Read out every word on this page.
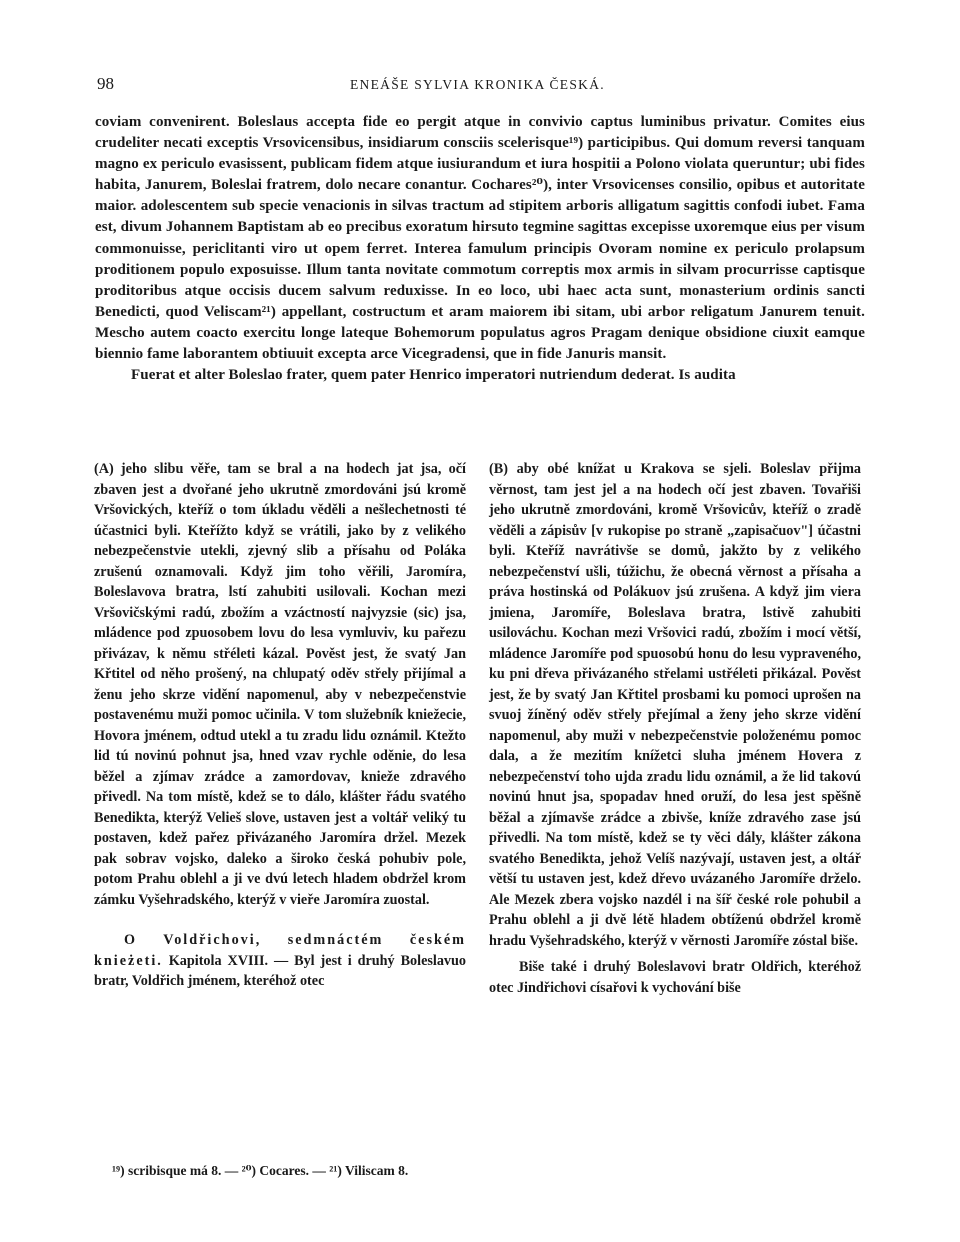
98	ENEÁŠE SYLVIA KRONIKA ČESKÁ.

coviam convenirent. Boleslaus accepta fide eo pergit atque in convivio captus luminibus privatur. Comites eius crudeliter necati exceptis Vrsovicensibus, insidiarum consciis scelerisque¹⁹) participibus. Qui domum reversi tanquam magno ex periculo evasissent, publicam fidem atque iusiurandum et iura hospitii a Polono violata queruntur; ubi fides habita, Janurem, Boleslai fratrem, dolo necare conantur. Cochares²⁰), inter Vrsovicenses consilio, opibus et autoritate maior. adolescentem sub specie venacionis in silvas tractum ad stipitem arboris alligatum sagittis confodi iubet. Fama est, divum Johannem Baptistam ab eo precibus exoratum hirsuto tegmine sagittas excepisse uxoremque eius per visum commonuisse, periclitanti viro ut opem ferret. Interea famulum principis Ovoram nomine ex periculo prolapsum proditionem populo exposuisse. Illum tanta novitate commotum correptis mox armis in silvam procurrisse captisque proditoribus atque occisis ducem salvum reduxisse. In eo loco, ubi haec acta sunt, monasterium ordinis sancti Benedicti, quod Veliscam²¹) appellant, costructum et aram maiorem ibi sitam, ubi arbor religatum Janurem tenuit. Mescho autem coacto exercitu longe lateque Bohemorum populatus agros Pragam denique obsidione ciuxit eamque biennio fame laborantem obtiuuit excepta arce Vicegradensi, que in fide Januris mansit.

Fuerat et alter Boleslao frater, quem pater Henrico imperatori nutriendum dederat. Is audita

(A) jeho slibu věře, tam se bral a na hodech jat jsa, očí zbaven jest a dvořané jeho ukrutně zmordováni jsú kromě Vršovických, kteříž o tom úkladu věděli a nešlechetnosti té účastnici byli. Kteřížto když se vrátili, jako by z velikého nebezpečenstvie utekli, zjevný slib a přísahu od Poláka zrušenú oznamovali. Když jim toho věřili, Jaromíra, Boleslavova bratra, lstí zahubiti usilovali. Kochan mezi Vršovičskými radú, zbožím a vzáctností najvyzsie (sic) jsa, mládence pod zpuosobem lovu do lesa vymluviv, ku pařezu přivázav, k němu střéleti kázal. Pověst jest, že svatý Jan Křtitel od něho prošený, na chlupatý oděv střely přijímal a ženu jeho skrze vidění napomenul, aby v nebezpečenstvie postavenému muži pomoc učinila. V tom služebník kniežecie, Hovora jménem, odtud utekl a tu zradu lidu oznámil. Ktežto lid tú novinú pohnut jsa, hned vzav rychle oděnie, do lesa běžel a zjímav zrádce a zamordovav, knieže zdravého přivedl. Na tom místě, kdež se to dálo, klášter řádu svatého Benedikta, kterýž Velieš slove, ustaven jest a voltář veliký tu postaven, kdež pařez přivázaného Jaromíra držel. Mezek pak sobrav vojsko, daleko a široko česká pohubiv pole, potom Prahu oblehl a ji ve dvú letech hladem obdržel krom zámku Vyšehradského, kterýž v vieře Jaromíra zuostal.

O Voldřichovi, sedmnáctém českém knieżeti. Kapitola XVIII. — Byl jest i druhý Boleslavuo bratr, Voldřich jménem, kteréhož otec

(B) aby obé knížat u Krakova se sjeli. Boleslav přijma věrnost, tam jest jel a na hodech očí jest zbaven. Tovařiši jeho ukrutně zmordováni, kromě Vršovicův, kteříž o zradě věděli a zápisův [v rukopise po straně „zapisačuov"] účastni byli. Kteříž navrátivše se domů, jakžto by z velikého nebezpečenství ušli, túžichu, že obecná věrnost a přísaha a práva hostinská od Polákuov jsú zrušena. A když jim viera jmiena, Jaromíře, Boleslava bratra, lstivě zahubiti usilováchu. Kochan mezi Vršovici radú, zbožím i mocí větší, mládence Jaromíře pod spuosobú honu do lesu vypraveného, ku pni dřeva přivázaného střelami ustřéleti přikázal. Pověst jest, že by svatý Jan Křtitel prosbami ku pomoci uprošen na svuoj žíněný oděv střely přejímal a ženy jeho skrze vidění napomenul, aby muži v nebezpečenstvie položenému pomoc dala, a že mezitím knížetci sluha jménem Hovera z nebezpečenství toho ujda zradu lidu oznámil, a že lid takovú novinú hnut jsa, spopadav hned oruží, do lesa jest spěšně běžal a zjímavše zrádce a zbivše, kníže zdravého zase jsú přivedli. Na tom místě, kdež se ty věci dály, klášter zákona svatého Benedikta, jehož Velíš nazývají, ustaven jest, a oltář větší tu ustaven jest, kdež dřevo uvázaného Jaromíře drželo. Ale Mezek zbera vojsko nazdél i na šíř české role pohubil a Prahu oblehl a ji dvě létě hladem obtíženú obdržel kromě hradu Vyšehradského, kterýž v věrnosti Jaromíře zóstal biše.

Biše také i druhý Boleslavovi bratr Oldřich, kteréhož otec Jindřichovi císařovi k vychování biše

¹⁹) scribisque má 8. — ²⁰) Cocares. — ²¹) Viliscam 8.
